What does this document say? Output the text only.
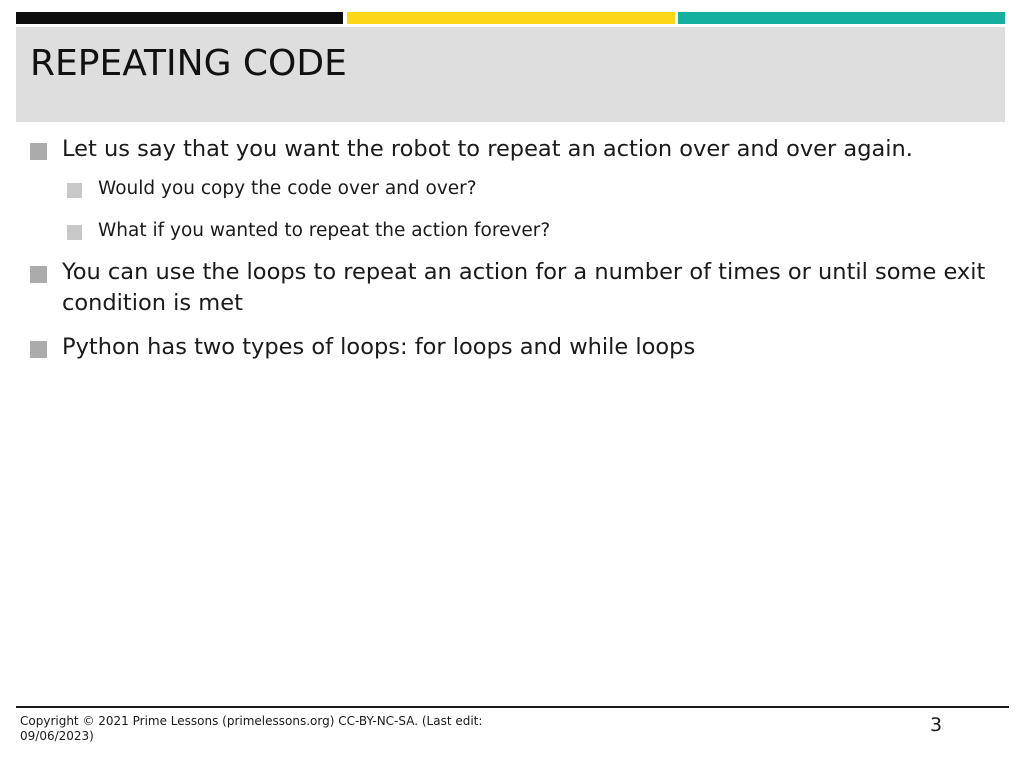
REPEATING CODE
Let us say that you want the robot to repeat an action over and over again.
Would you copy the code over and over?
What if you wanted to repeat the action forever?
You can use the loops to repeat an action for a number of times or until some exit condition is met
Python has two types of loops: for loops and while loops
Copyright © 2021 Prime Lessons (primelessons.org) CC-BY-NC-SA. (Last edit: 09/06/2023)	3
